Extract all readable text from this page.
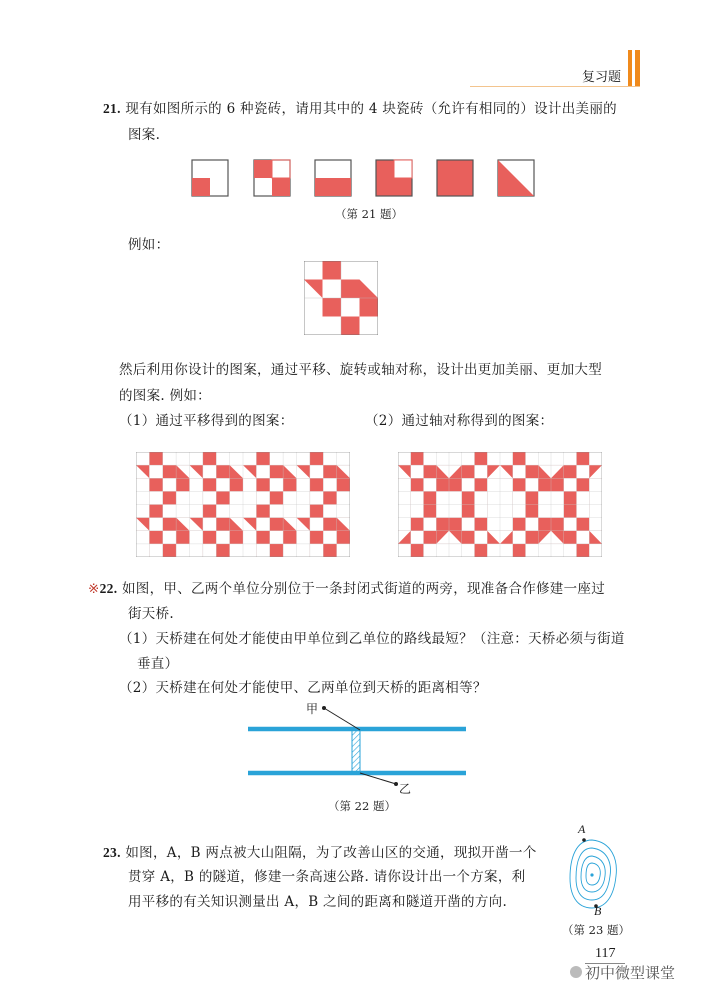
复习题
21. 现有如图所示的 6 种瓷砖，请用其中的 4 块瓷砖（允许有相同的）设计出美丽的
图案.
（第 21 题）
例如：
然后利用你设计的图案，通过平移、旋转或轴对称，设计出更加美丽、更加大型
的图案. 例如：
（1）通过平移得到的图案：	（2）通过轴对称得到的图案：
※22. 如图，甲、乙两个单位分别位于一条封闭式街道的两旁，现准备合作修建一座过
街天桥.
（1）天桥建在何处才能使由甲单位到乙单位的路线最短？（注意：天桥必须与街道
垂直）
（2）天桥建在何处才能使甲、乙两单位到天桥的距离相等？
甲
乙
（第 22 题）
23. 如图，A，B 两点被大山阻隔，为了改善山区的交通，现拟开凿一个
贯穿 A，B 的隧道，修建一条高速公路. 请你设计出一个方案，利
用平移的有关知识测量出 A，B 之间的距离和隧道开凿的方向.
A
B
（第 23 题）
117
初中微型课堂
